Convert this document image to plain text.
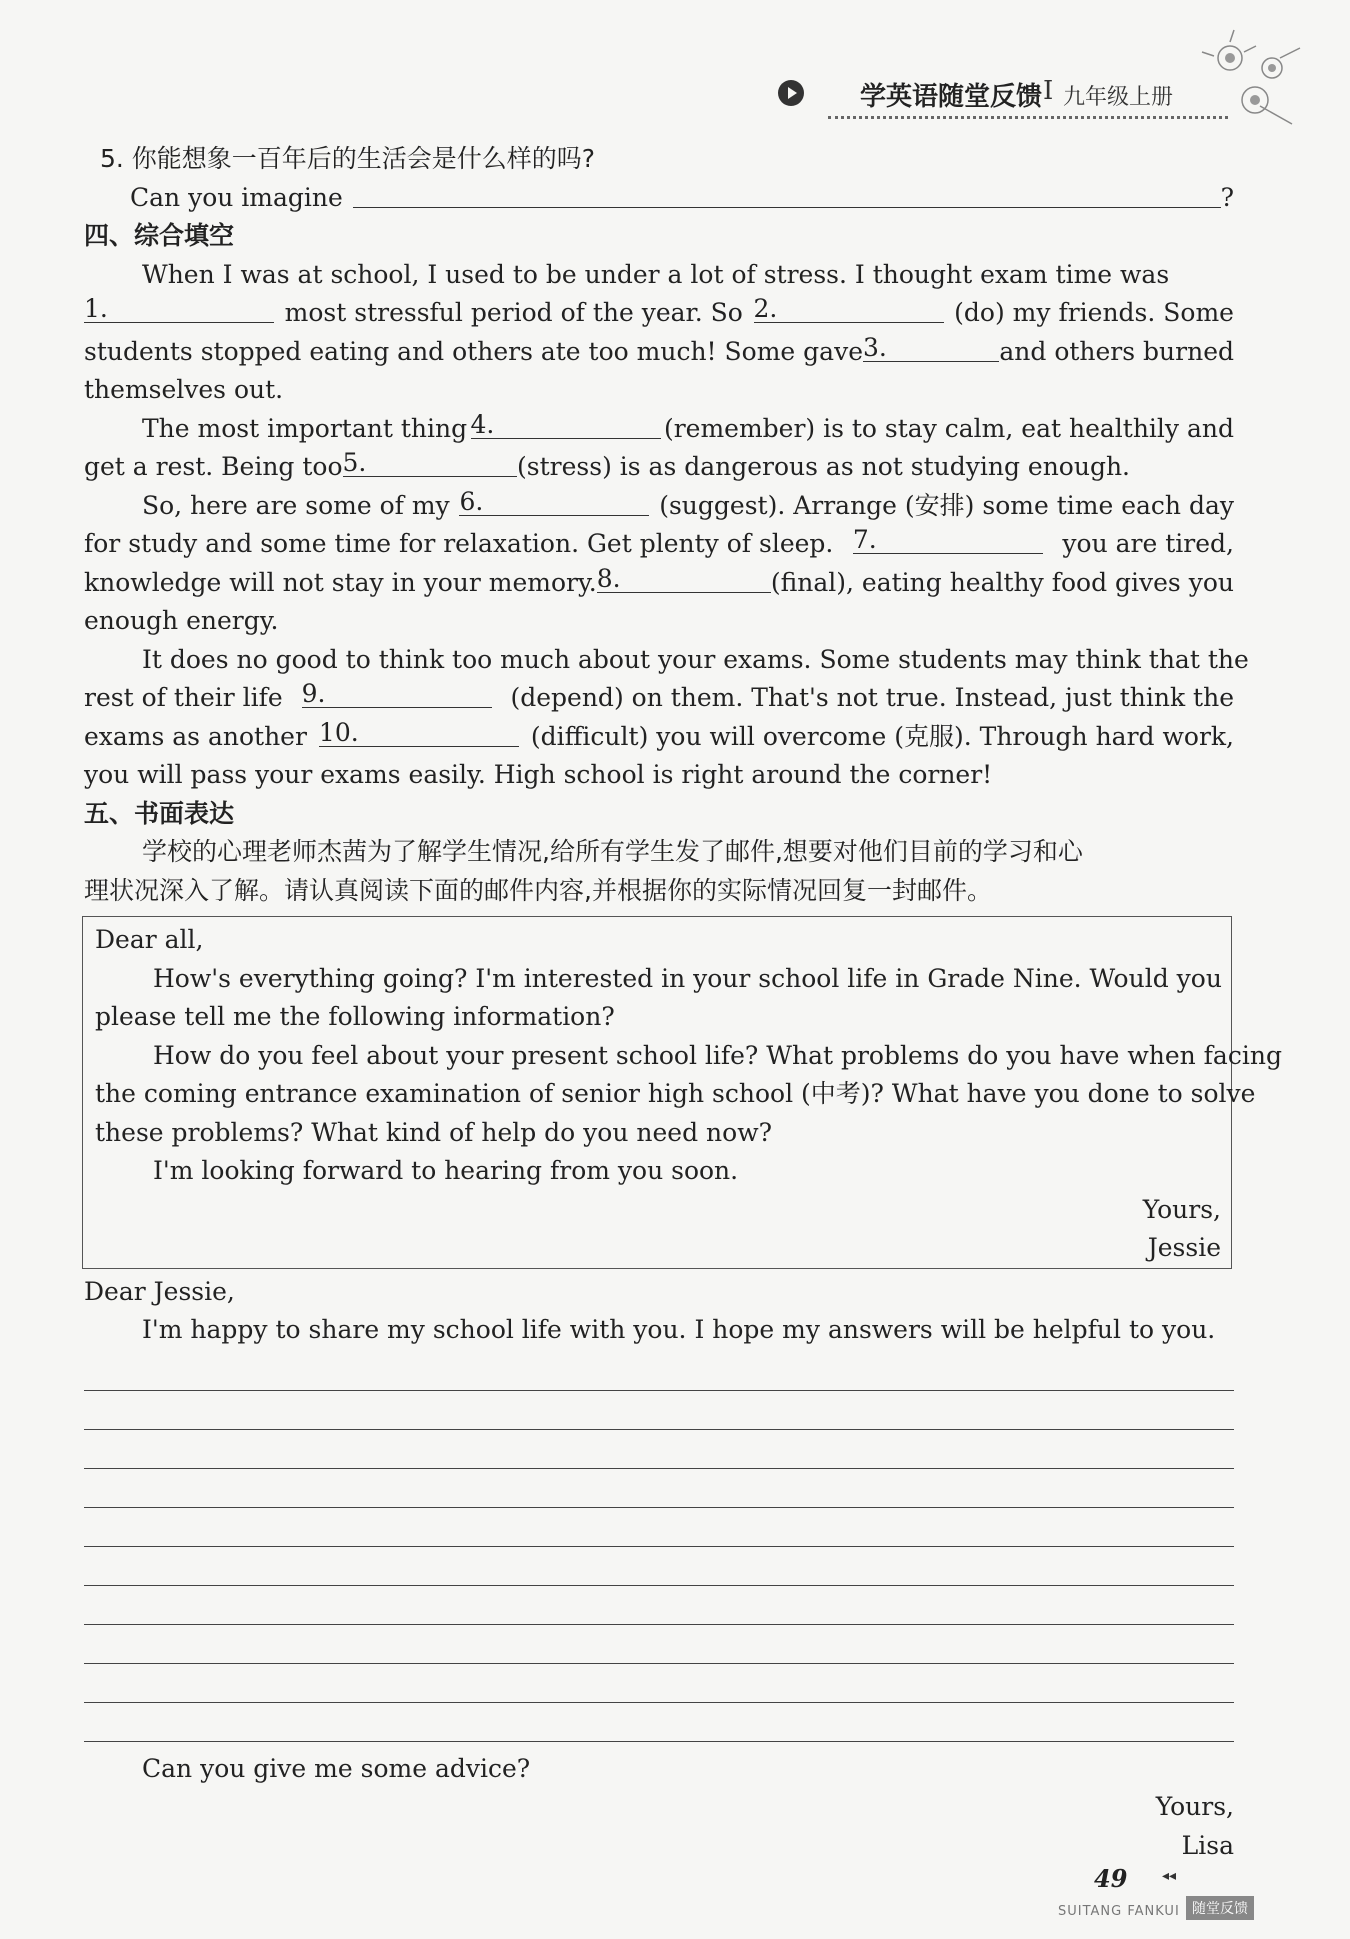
学英语随堂反馈 I 九年级上册
5. 你能想象一百年后的生活会是什么样的吗?
Can you imagine	?
四、综合填空
When I was at school, I used to be under a lot of stress. I thought exam time was
1.	most stressful period of the year. So 2.	(do) my friends. Some
students stopped eating and others ate too much! Some gave 3.	and others burned
themselves out.
The most important thing 4.	(remember) is to stay calm, eat healthily and
get a rest. Being too 5.	(stress) is as dangerous as not studying enough.
So, here are some of my 6.	(suggest). Arrange (安排) some time each day
for study and some time for relaxation. Get plenty of sleep. 7.	you are tired,
knowledge will not stay in your memory. 8.	(final), eating healthy food gives you
enough energy.
It does no good to think too much about your exams. Some students may think that the
rest of their life 9.	(depend) on them. That's not true. Instead, just think the
exams as another 10.	(difficult) you will overcome (克服). Through hard work,
you will pass your exams easily. High school is right around the corner!
五、书面表达
学校的心理老师杰茜为了解学生情况,给所有学生发了邮件,想要对他们目前的学习和心
理状况深入了解。请认真阅读下面的邮件内容,并根据你的实际情况回复一封邮件。
Dear all,
How's everything going? I'm interested in your school life in Grade Nine. Would you
please tell me the following information?
How do you feel about your present school life? What problems do you have when facing
the coming entrance examination of senior high school (中考)? What have you done to solve
these problems? What kind of help do you need now?
I'm looking forward to hearing from you soon.
Yours,
Jessie
Dear Jessie,
I'm happy to share my school life with you. I hope my answers will be helpful to you.
Can you give me some advice?
Yours,
Lisa
49 ◂◂
SUITANG FANKUI 随堂反馈
